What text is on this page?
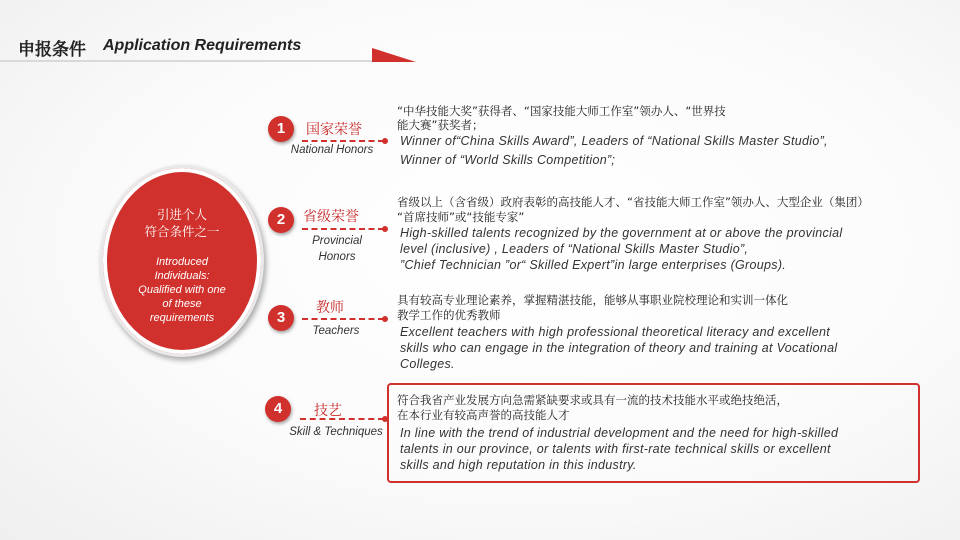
申报条件 Application Requirements
引进个人
符合条件之一
Introduced
Individuals:
Qualified with one
of these
requirements
1	国家荣誉
National Honors
“中华技能大奖”获得者、“国家技能大师工作室”领办人、“世界技
能大赛”获奖者；
Winner of“China Skills Award”, Leaders of “National Skills Master Studio”,
Winner of “World Skills Competition”;
2	省级荣誉
Provincial
Honors
省级以上（含省级）政府表彰的高技能人才、“省技能大师工作室”领办人、大型企业（集团）
“首席技师”或“技能专家”
High-skilled talents recognized by the government at or above the provincial
level (inclusive) , Leaders of “National Skills Master Studio”,
”Chief Technician ”or“ Skilled Expert”in large enterprises (Groups).
3
教师
Teachers
具有较高专业理论素养，掌握精湛技能，能够从事职业院校理论和实训一体化
教学工作的优秀教师
Excellent teachers with high professional theoretical literacy and excellent
skills who can engage in the integration of theory and training at Vocational
Colleges.
4	技艺
Skill & Techniques
符合我省产业发展方向急需紧缺要求或具有一流的技术技能水平或绝技绝活，
在本行业有较高声誉的高技能人才
In line with the trend of industrial development and the need for high-skilled
talents in our province, or talents with first-rate technical skills or excellent
skills and high reputation in this industry.
